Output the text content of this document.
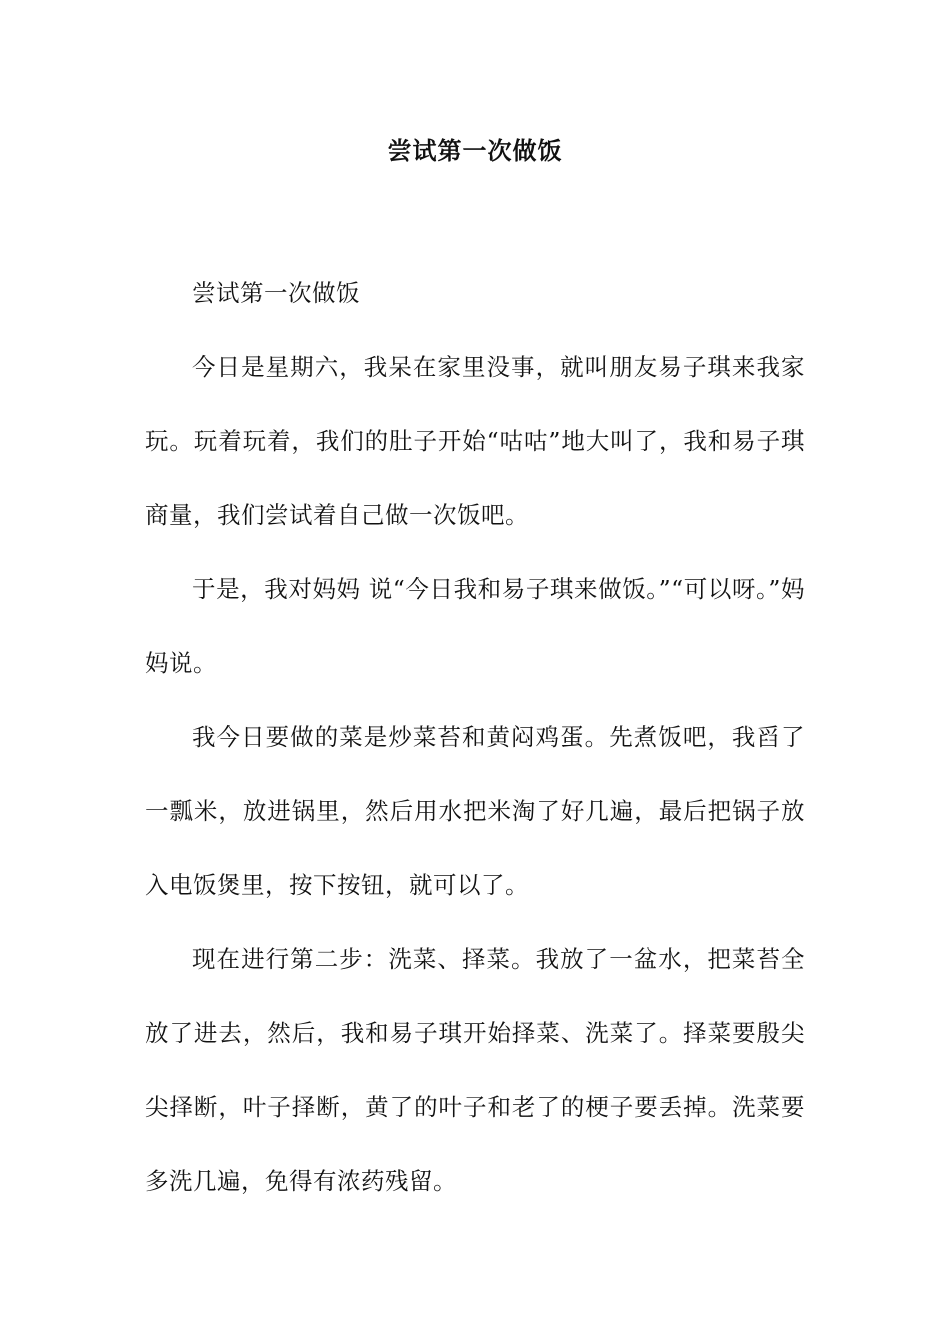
尝试第一次做饭

尝试第一次做饭

今日是星期六，我呆在家里没事，就叫朋友易子琪来我家玩。玩着玩着，我们的肚子开始“咕咕”地大叫了，我和易子琪商量，我们尝试着自己做一次饭吧。

于是，我对妈妈 说“今日我和易子琪来做饭。”“可以呀。”妈妈说。

我今日要做的菜是炒菜苔和黄闷鸡蛋。先煮饭吧，我舀了一瓢米，放进锅里，然后用水把米淘了好几遍，最后把锅子放入电饭煲里，按下按钮，就可以了。

现在进行第二步：洗菜、择菜。我放了一盆水，把菜苔全放了进去，然后，我和易子琪开始择菜、洗菜了。择菜要殷尖尖择断，叶子择断，黄了的叶子和老了的梗子要丢掉。洗菜要多洗几遍，免得有浓药残留。
